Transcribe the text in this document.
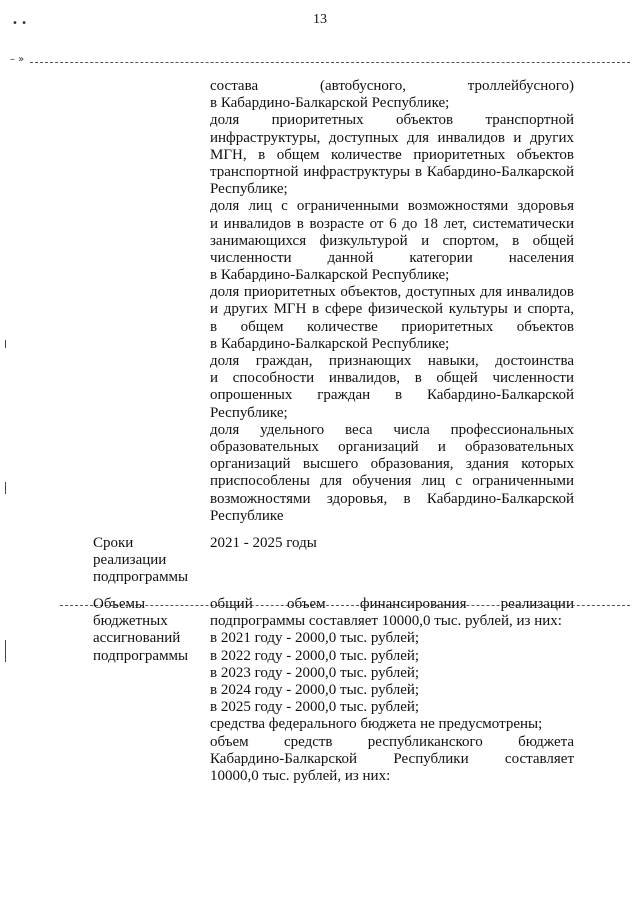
13
• •
– »
состава (автобусного, троллейбусного)
в Кабардино-Балкарской Республике;
доля приоритетных объектов транспортной
инфраструктуры, доступных для инвалидов и других
МГН, в общем количестве приоритетных объектов
транспортной инфраструктуры в Кабардино-Балкарской
Республике;
доля лиц с ограниченными возможностями здоровья
и инвалидов в возрасте от 6 до 18 лет, систематически
занимающихся физкультурой и спортом, в общей
численности данной категории населения
в Кабардино-Балкарской Республике;
доля приоритетных объектов, доступных для инвалидов
и других МГН в сфере физической культуры и спорта,
в общем количестве приоритетных объектов
в Кабардино-Балкарской Республике;
доля граждан, признающих навыки, достоинства
и способности инвалидов, в общей численности
опрошенных граждан в Кабардино-Балкарской
Республике;
доля удельного веса числа профессиональных
образовательных организаций и образовательных
организаций высшего образования, здания которых
приспособлены для обучения лиц с ограниченными
возможностями здоровья, в Кабардино-Балкарской
Республике
Сроки
реализации
подпрограммы
2021 - 2025 годы
Объемы
бюджетных
ассигнований
подпрограммы
общий объем финансирования реализации
подпрограммы составляет 10000,0 тыс. рублей, из них:
в 2021 году - 2000,0 тыс. рублей;
в 2022 году - 2000,0 тыс. рублей;
в 2023 году - 2000,0 тыс. рублей;
в 2024 году - 2000,0 тыс. рублей;
в 2025 году - 2000,0 тыс. рублей;
средства федерального бюджета не предусмотрены;
объем средств республиканского бюджета
Кабардино-Балкарской Республики составляет
10000,0 тыс. рублей, из них:
